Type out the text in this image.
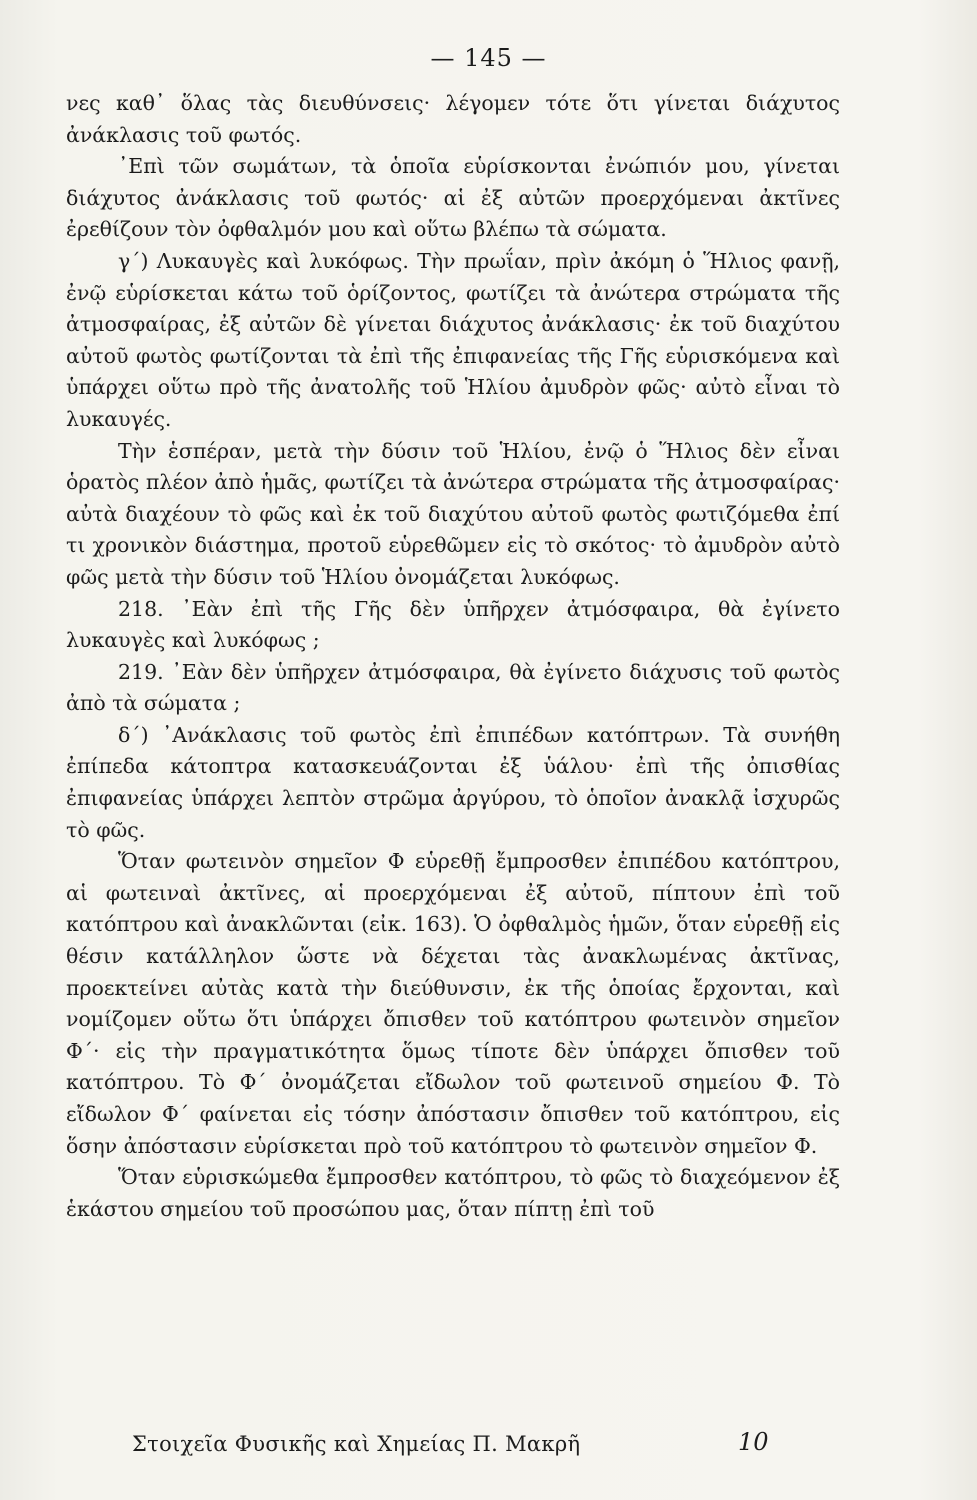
— 145 —

νες καθ᾽ ὅλας τὰς διευθύνσεις· λέγομεν τότε ὅτι γίνεται διάχυτος ἀνάκλασις τοῦ φωτός.

᾽Επὶ τῶν σωμάτων, τὰ ὁποῖα εὑρίσκονται ἐνώπιόν μου, γίνεται διάχυτος ἀνάκλασις τοῦ φωτός· αἱ ἐξ αὐτῶν προερχόμεναι ἀκτῖνες ἐρεθίζουν τὸν ὀφθαλμόν μου καὶ οὕτω βλέπω τὰ σώματα.

γ΄) Λυκαυγὲς καὶ λυκόφως. Τὴν πρωΐαν, πρὶν ἀκόμη ὁ Ἥλιος φανῇ, ἐνῷ εὑρίσκεται κάτω τοῦ ὁρίζοντος, φωτίζει τὰ ἀνώτερα στρώματα τῆς ἀτμοσφαίρας, ἐξ αὐτῶν δὲ γίνεται διάχυτος ἀνάκλασις· ἐκ τοῦ διαχύτου αὐτοῦ φωτὸς φωτίζονται τὰ ἐπὶ τῆς ἐπιφανείας τῆς Γῆς εὑρισκόμενα καὶ ὑπάρχει οὕτω πρὸ τῆς ἀνατολῆς τοῦ Ἡλίου ἀμυδρὸν φῶς· αὐτὸ εἶναι τὸ λυκαυγές.

Τὴν ἑσπέραν, μετὰ τὴν δύσιν τοῦ Ἡλίου, ἐνῷ ὁ Ἥλιος δὲν εἶναι ὁρατὸς πλέον ἀπὸ ἡμᾶς, φωτίζει τὰ ἀνώτερα στρώματα τῆς ἀτμοσφαίρας· αὐτὰ διαχέουν τὸ φῶς καὶ ἐκ τοῦ διαχύτου αὐτοῦ φωτὸς φωτιζόμεθα ἐπί τι χρονικὸν διάστημα, προτοῦ εὑρεθῶμεν εἰς τὸ σκότος· τὸ ἀμυδρὸν αὐτὸ φῶς μετὰ τὴν δύσιν τοῦ Ἡλίου ὀνομάζεται λυκόφως.

218. ᾽Εὰν ἐπὶ τῆς Γῆς δὲν ὑπῆρχεν ἀτμόσφαιρα, θὰ ἐγίνετο λυκαυγὲς καὶ λυκόφως ;

219. ᾽Εὰν δὲν ὑπῆρχεν ἀτμόσφαιρα, θὰ ἐγίνετο διάχυσις τοῦ φωτὸς ἀπὸ τὰ σώματα ;

δ΄) ᾽Ανάκλασις τοῦ φωτὸς ἐπὶ ἐπιπέδων κατόπτρων. Τὰ συνήθη ἐπίπεδα κάτοπτρα κατασκευάζονται ἐξ ὑάλου· ἐπὶ τῆς ὀπισθίας ἐπιφανείας ὑπάρχει λεπτὸν στρῶμα ἀργύρου, τὸ ὁποῖον ἀνακλᾷ ἰσχυρῶς τὸ φῶς.

Ὅταν φωτεινὸν σημεῖον Φ εὑρεθῇ ἔμπροσθεν ἐπιπέδου κατόπτρου, αἱ φωτειναὶ ἀκτῖνες, αἱ προερχόμεναι ἐξ αὐτοῦ, πίπτουν ἐπὶ τοῦ κατόπτρου καὶ ἀνακλῶνται (εἰκ. 163). Ὁ ὀφθαλμὸς ἡμῶν, ὅταν εὑρεθῇ εἰς θέσιν κατάλληλον ὥστε νὰ δέχεται τὰς ἀνακλωμένας ἀκτῖνας, προεκτείνει αὐτὰς κατὰ τὴν διεύθυνσιν, ἐκ τῆς ὁποίας ἔρχονται, καὶ νομίζομεν οὕτω ὅτι ὑπάρχει ὄπισθεν τοῦ κατόπτρου φωτεινὸν σημεῖον Φ΄· εἰς τὴν πραγματικότητα ὅμως τίποτε δὲν ὑπάρχει ὄπισθεν τοῦ κατόπτρου. Τὸ Φ΄ ὀνομάζεται εἴδωλον τοῦ φωτεινοῦ σημείου Φ. Τὸ εἴδωλον Φ΄ φαίνεται εἰς τόσην ἀπόστασιν ὄπισθεν τοῦ κατόπτρου, εἰς ὅσην ἀπόστασιν εὑρίσκεται πρὸ τοῦ κατόπτρου τὸ φωτεινὸν σημεῖον Φ.

Ὅταν εὑρισκώμεθα ἔμπροσθεν κατόπτρου, τὸ φῶς τὸ διαχεόμενον ἐξ ἑκάστου σημείου τοῦ προσώπου μας, ὅταν πίπτῃ ἐπὶ τοῦ

Στοιχεῖα Φυσικῆς καὶ Χημείας Π. Μακρῆ	10
